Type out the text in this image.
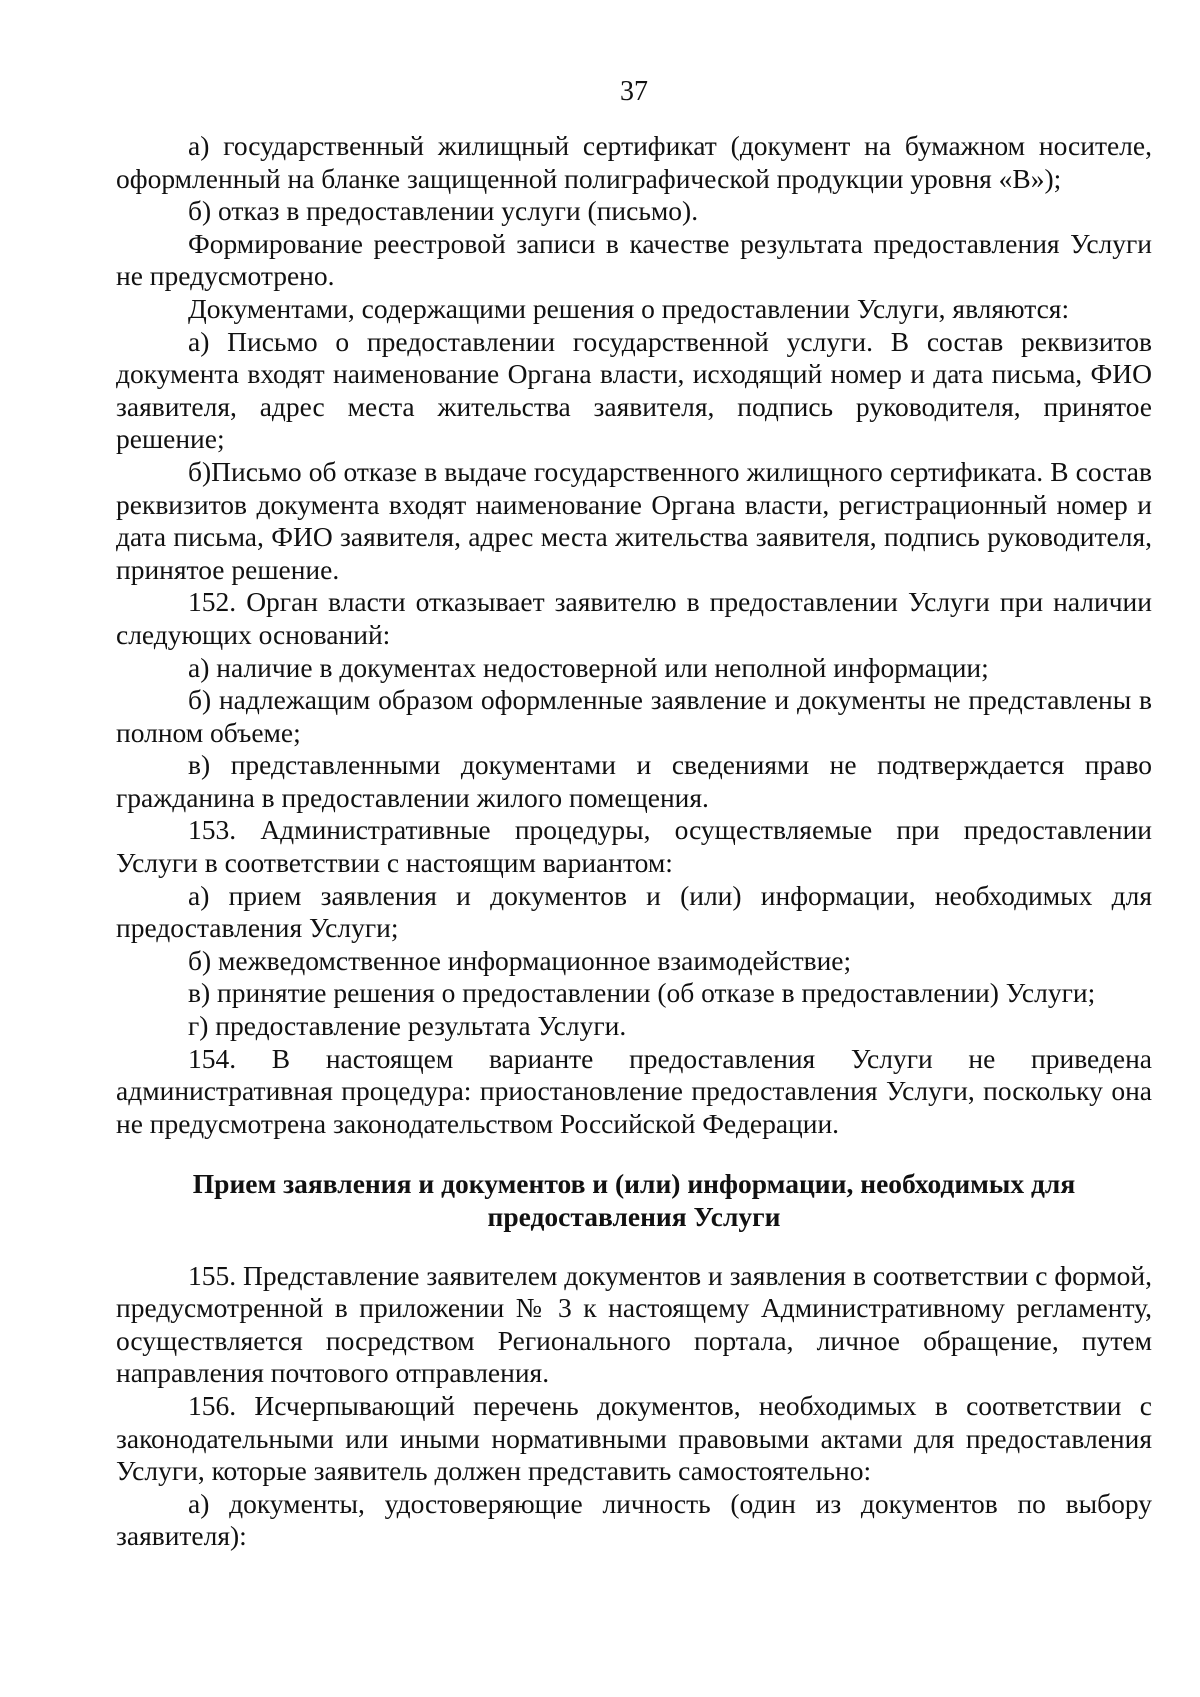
37

а) государственный жилищный сертификат (документ на бумажном носителе, оформленный на бланке защищенной полиграфической продукции уровня «В»);

б) отказ в предоставлении услуги (письмо).

Формирование реестровой записи в качестве результата предоставления Услуги не предусмотрено.

Документами, содержащими решения о предоставлении Услуги, являются:

а) Письмо о предоставлении государственной услуги. В состав реквизитов документа входят наименование Органа власти, исходящий номер и дата письма, ФИО заявителя, адрес места жительства заявителя, подпись руководителя, принятое решение;

б)Письмо об отказе в выдаче государственного жилищного сертификата. В состав реквизитов документа входят наименование Органа власти, регистрационный номер и дата письма, ФИО заявителя, адрес места жительства заявителя, подпись руководителя, принятое решение.

152. Орган власти отказывает заявителю в предоставлении Услуги при наличии следующих оснований:

а) наличие в документах недостоверной или неполной информации;

б) надлежащим образом оформленные заявление и документы не представлены в полном объеме;

в) представленными документами и сведениями не подтверждается право гражданина в предоставлении жилого помещения.

153. Административные процедуры, осуществляемые при предоставлении Услуги в соответствии с настоящим вариантом:

а) прием заявления и документов и (или) информации, необходимых для предоставления Услуги;

б) межведомственное информационное взаимодействие;

в) принятие решения о предоставлении (об отказе в предоставлении) Услуги;

г) предоставление результата Услуги.

154. В настоящем варианте предоставления Услуги не приведена административная процедура: приостановление предоставления Услуги, поскольку она не предусмотрена законодательством Российской Федерации.

Прием заявления и документов и (или) информации, необходимых для
предоставления Услуги

155. Представление заявителем документов и заявления в соответствии с формой, предусмотренной в приложении № 3 к настоящему Административному регламенту, осуществляется посредством Регионального портала, личное обращение, путем направления почтового отправления.

156. Исчерпывающий перечень документов, необходимых в соответствии с законодательными или иными нормативными правовыми актами для предоставления Услуги, которые заявитель должен представить самостоятельно:

а) документы, удостоверяющие личность (один из документов по выбору заявителя):
